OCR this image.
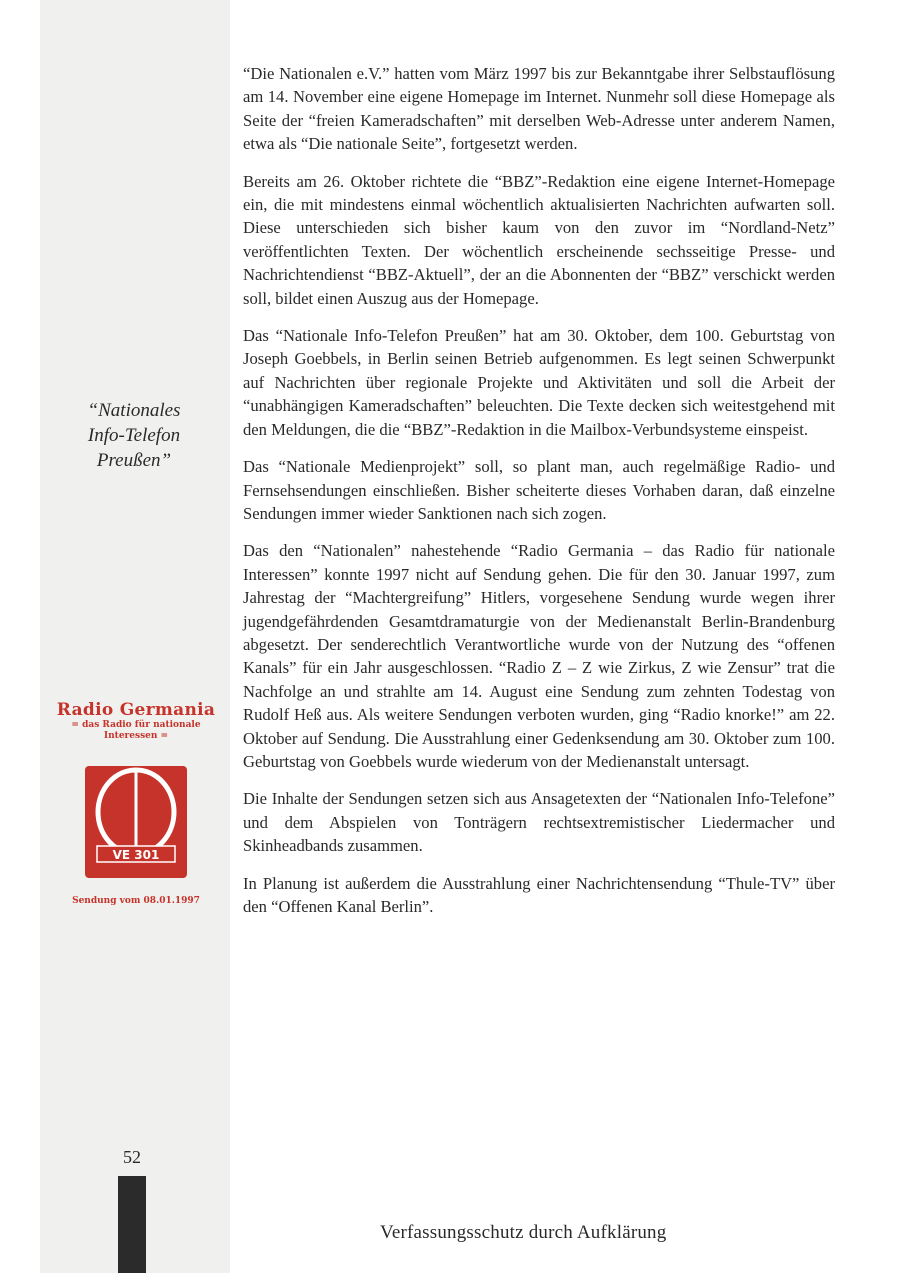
“Die Nationalen e.V.” hatten vom März 1997 bis zur Bekanntgabe ihrer Selbstauflösung am 14. November eine eigene Homepage im Internet. Nunmehr soll diese Homepage als Seite der “freien Kameradschaften” mit derselben Web-Adresse unter anderem Namen, etwa als “Die nationale Seite”, fortgesetzt werden.

Bereits am 26. Oktober richtete die “BBZ”-Redaktion eine eigene Internet-Homepage ein, die mit mindestens einmal wöchentlich aktualisierten Nachrichten aufwarten soll. Diese unterschieden sich bisher kaum von den zuvor im “Nordland-Netz” veröffentlichten Texten. Der wöchentlich erscheinende sechsseitige Presse- und Nachrichtendienst “BBZ-Aktuell”, der an die Abonnenten der “BBZ” verschickt werden soll, bildet einen Auszug aus der Homepage.

Das “Nationale Info-Telefon Preußen” hat am 30. Oktober, dem 100. Geburtstag von Joseph Goebbels, in Berlin seinen Betrieb aufgenommen. Es legt seinen Schwerpunkt auf Nachrichten über regionale Projekte und Aktivitäten und soll die Arbeit der “unabhängigen Kameradschaften” beleuchten. Die Texte decken sich weitestgehend mit den Meldungen, die die “BBZ”-Redaktion in die Mailbox-Verbundsysteme einspeist.

Das “Nationale Medienprojekt” soll, so plant man, auch regelmäßige Radio- und Fernsehsendungen einschließen. Bisher scheiterte dieses Vorhaben daran, daß einzelne Sendungen immer wieder Sanktionen nach sich zogen.

Das den “Nationalen” nahestehende “Radio Germania – das Radio für nationale Interessen” konnte 1997 nicht auf Sendung gehen. Die für den 30. Januar 1997, zum Jahrestag der “Machtergreifung” Hitlers, vorgesehene Sendung wurde wegen ihrer jugendgefährdenden Gesamtdramaturgie von der Medienanstalt Berlin-Brandenburg abgesetzt. Der senderechtlich Verantwortliche wurde von der Nutzung des “offenen Kanals” für ein Jahr ausgeschlossen. “Radio Z – Z wie Zirkus, Z wie Zensur” trat die Nachfolge an und strahlte am 14. August eine Sendung zum zehnten Todestag von Rudolf Heß aus. Als weitere Sendungen verboten wurden, ging “Radio knorke!” am 22. Oktober auf Sendung. Die Ausstrahlung einer Gedenksendung am 30. Oktober zum 100. Geburtstag von Goebbels wurde wiederum von der Medienanstalt untersagt.

Die Inhalte der Sendungen setzen sich aus Ansagetexten der “Nationalen Info-Telefone” und dem Abspielen von Tonträgern rechtsextremistischer Liedermacher und Skinheadbands zusammen.

In Planung ist außerdem die Ausstrahlung einer Nachrichtensendung “Thule-TV” über den “Offenen Kanal Berlin”.

“Nationales
Info-Telefon
Preußen”
Radio Germania
= das Radio für nationale
Interessen =
VE 301
Sendung vom 08.01.1997
52
Verfassungsschutz durch Aufklärung
